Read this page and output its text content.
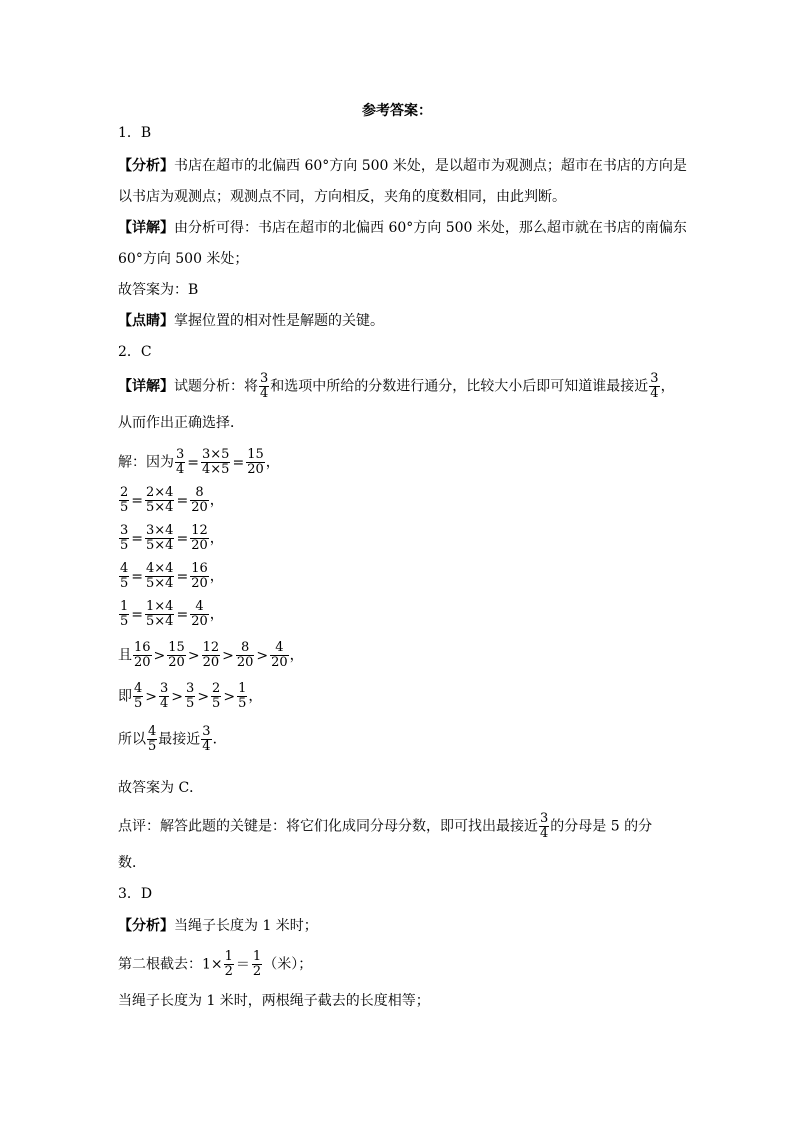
参考答案：
1．B
【分析】书店在超市的北偏西 60°方向 500 米处，是以超市为观测点；超市在书店的方向是
以书店为观测点；观测点不同，方向相反，夹角的度数相同，由此判断。
【详解】由分析可得：书店在超市的北偏西 60°方向 500 米处，那么超市就在书店的南偏东
60°方向 500 米处；
故答案为：B
【点睛】掌握位置的相对性是解题的关键。
2．C
【详解】试题分析：将 $\frac{3}{4}$ 和选项中所给的分数进行通分，比较大小后即可知道谁最接近 $\frac{3}{4}$ ，
从而作出正确选择．
解：因为 $\frac{3}{4} = \frac{3\times 5}{4\times 5} = \frac{15}{20}$ ，
$\frac{2}{5} = \frac{2\times 4}{5\times 4} = \frac{8}{20}$ ，
$\frac{3}{5} = \frac{3\times 4}{5\times 4} = \frac{12}{20}$ ，
$\frac{4}{5} = \frac{4\times 4}{5\times 4} = \frac{16}{20}$ ，
$\frac{1}{5} = \frac{1\times 4}{5\times 4} = \frac{4}{20}$ ，
且 $\frac{16}{20} > \frac{15}{20} > \frac{12}{20} > \frac{8}{20} > \frac{4}{20}$ ，
即 $\frac{4}{5} > \frac{3}{4} > \frac{3}{5} > \frac{2}{5} > \frac{1}{5}$ ，
所以 $\frac{4}{5}$ 最接近 $\frac{3}{4}$ ．
故答案为 C．
点评：解答此题的关键是：将它们化成同分母分数，即可找出最接近 $\frac{3}{4}$ 的分母是 5 的分
数．
3．D
【分析】当绳子长度为 1 米时；
第二根截去：$1\times \frac{1}{2} = \frac{1}{2}$ （米）；
当绳子长度为 1 米时，两根绳子截去的长度相等；
